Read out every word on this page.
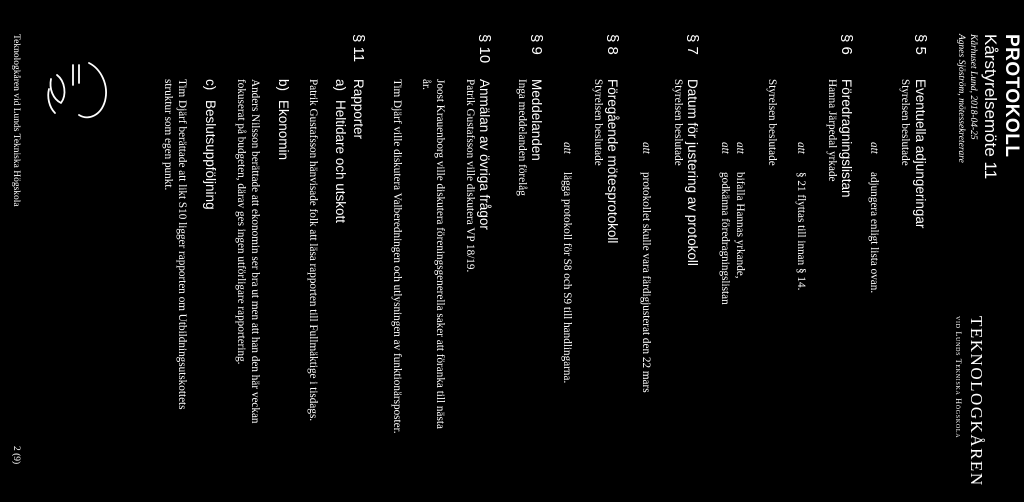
PROTOKOLL
Kårstyrelsemöte 11
Kårhuset Lund, 2018-04-25
Agnes Sjöström, mötessekreterare
TEKNOLOGKÅREN
vid Lunds Tekniska Högskola
§ 5
Eventuella adjungeringar
Styrelsen beslutade
att
adjungera enligt lista ovan.
§ 6
Föredragningslistan
Hanna Järpedal yrkade
att
§ 21 flyttas till innan § 14.
Styrelsen beslutade
att
bifalla Hannas yrkande,
att
godkänna föredragningslistan
§ 7
Datum för justering av protokoll
Styrelsen beslutade
att
protokollet skulle vara färdigjusterat den 22 mars
§ 8
Föregående mötesprotokoll
Styrelsen beslutade
att
lägga protokoll för S8 och S9 till handlingarna.
§ 9
Meddelanden
Inga meddelanden förelåg
§ 10
Anmälan av övriga frågor
Patrik Gustafsson ville diskutera VP 18/19.
Joost Krauenborg ville diskutera föreningsgenerella saker att föranka till nästa
år.
Tim Djärf ville diskutera Valberedningen och utlysningen av funktionärsposter.
§ 11
Rapporter
a)
Heltidare och utskott
Patrik Gustafsson hänvisade folk att läsa rapporten till Fullmäktige i tisdags.
b)
Ekonomin
Anders Nilsson berättade att ekonomin ser bra ut men att han den här veckan
fokuserat på budgeten, därav ges ingen utförligare rapportering.
c)
Beslutsuppföljning
Tim Djärf berättade att likt S10 ligger rapporten om Utbildningsutskottets
struktur som egen punkt.
Teknologkåren vid Lunds Tekniska Högskola
2 (9)
